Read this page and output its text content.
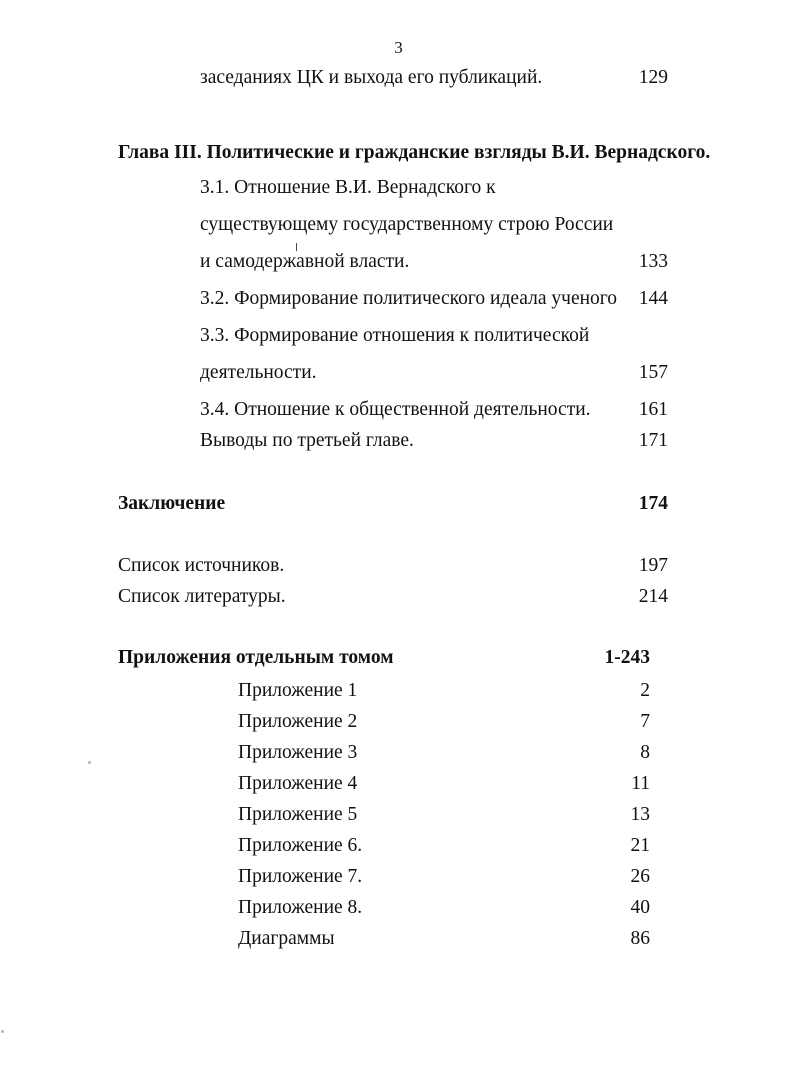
3
заседаниях ЦК и выхода его публикаций.	129
Глава III. Политические и гражданские взгляды В.И. Вернадского.
3.1. Отношение В.И. Вернадского к
существующему государственному строю России
и самодержавной власти.	133
3.2. Формирование политического идеала ученого	144
3.3. Формирование отношения к политической
деятельности.	157
3.4. Отношение к общественной деятельности.	161
Выводы по третьей главе.	171
Заключение	174
Список источников.	197
Список литературы.	214
Приложения отдельным томом	1-243
Приложение 1	2
Приложение 2	7
Приложение 3	8
Приложение 4	11
Приложение 5	13
Приложение 6.	21
Приложение 7.	26
Приложение 8.	40
Диаграммы	86
